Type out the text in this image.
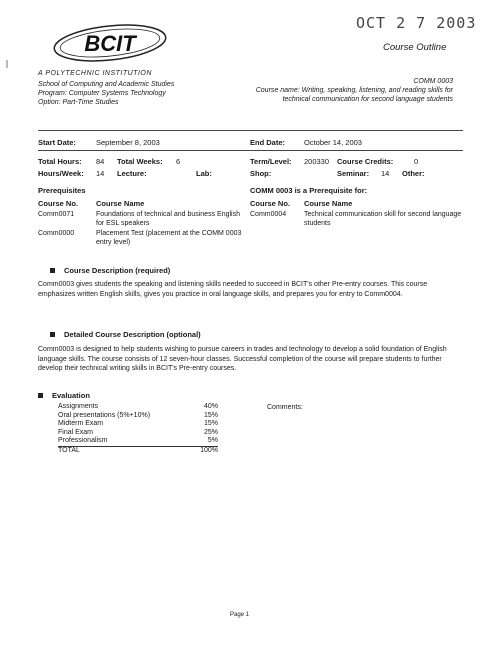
OCT 2 7 2003
Course Outline
BCIT
A POLYTECHNIC INSTITUTION
School of Computing and Academic Studies
Program: Computer Systems Technology
Option: Part-Time Studies
COMM 0003
Course name: Writing, speaking, listening, and reading skills for technical communication for second language students
Start Date:	September 8, 2003	End Date:	October 14, 2003
Total Hours: 84 Total Weeks: 6	Term/Level: 200330 Course Credits:	0
Hours/Week: 14 Lecture:	Lab:	Shop:	Seminar: 14 Other:
Prerequisites
Course No. Course Name
Comm0071	Foundations of technical and business English for ESL speakers
Comm0000	Placement Test (placement at the COMM 0003 entry level)
COMM 0003 is a Prerequisite for:
Course No. Course Name
Comm0004	Technical communication skill for second language students
Course Description (required)
Comm0003 gives students the speaking and listening skills needed to succeed in BCIT's other Pre-entry courses. This course emphasizes written English skills, gives you practice in oral language skills, and prepares you for entry to Comm0004.
Detailed Course Description (optional)
Comm0003 is designed to help students wishing to pursue careers in trades and technology to develop a solid foundation of English language skills. The course consists of 12 seven-hour classes. Successful completion of the course will prepare students to further develop their technical writing skills in BCIT's Pre-entry courses.
Evaluation
Comments:
Assignments	40%
Oral presentations (5%+10%)	15%
Midterm Exam	15%
Final Exam	25%
Professionalism	5%
TOTAL	100%
Page 1
